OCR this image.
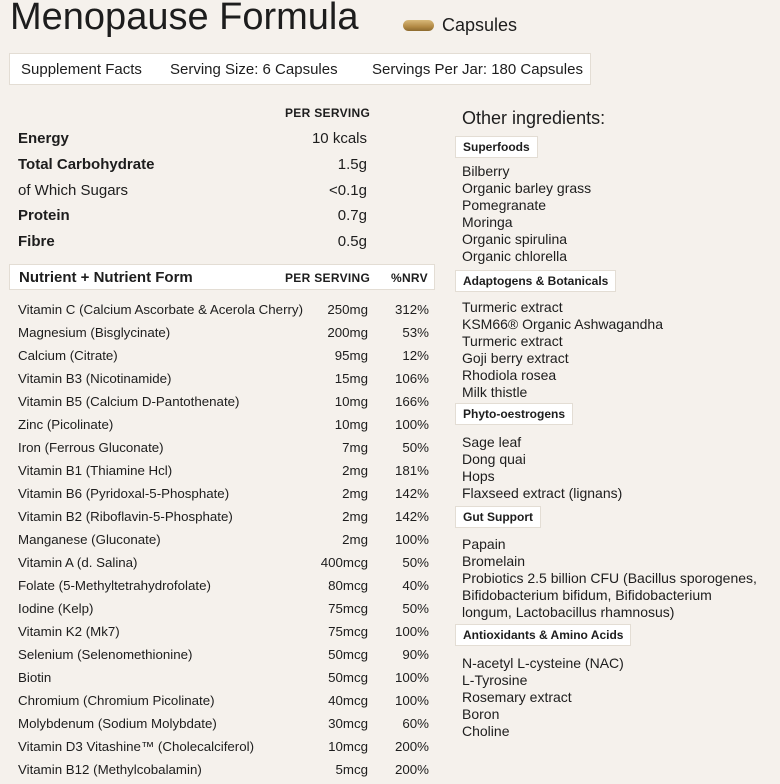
Menopause Formula	Capsules
Supplement Facts Serving Size: 6 Capsules Servings Per Jar: 180 Capsules
PER SERVING
Energy	10 kcals
Total Carbohydrate	1.5g
of Which Sugars	<0.1g
Protein	0.7g
Fibre	0.5g
Nutrient + Nutrient Form	PER SERVING %NRV
Vitamin C (Calcium Ascorbate & Acerola Cherry) 250mg 312%
Magnesium (Bisglycinate)	200mg	53%
Calcium (Citrate)	95mg	12%
Vitamin B3 (Nicotinamide)	15mg 106%
Vitamin B5 (Calcium D-Pantothenate)	10mg 166%
Zinc (Picolinate)	10mg 100%
Iron (Ferrous Gluconate)	7mg	50%
Vitamin B1 (Thiamine Hcl)	2mg 181%
Vitamin B6 (Pyridoxal-5-Phosphate)	2mg 142%
Vitamin B2 (Riboflavin-5-Phosphate)	2mg 142%
Manganese (Gluconate)	2mg 100%
Vitamin A (d. Salina)	400mcg	50%
Folate (5-Methyltetrahydrofolate)	80mcg	40%
Iodine (Kelp)	75mcg	50%
Vitamin K2 (Mk7)	75mcg 100%
Selenium (Selenomethionine)	50mcg	90%
Biotin	50mcg 100%
Chromium (Chromium Picolinate)	40mcg 100%
Molybdenum (Sodium Molybdate)	30mcg	60%
Vitamin D3 Vitashine™ (Cholecalciferol)	10mcg 200%
Vitamin B12 (Methylcobalamin)	5mcg 200%
Other ingredients:
Superfoods
Bilberry
Organic barley grass
Pomegranate
Moringa
Organic spirulina
Organic chlorella
Adaptogens & Botanicals
Turmeric extract
KSM66® Organic Ashwagandha
Turmeric extract
Goji berry extract
Rhodiola rosea
Milk thistle
Phyto-oestrogens
Sage leaf
Dong quai
Hops
Flaxseed extract (lignans)
Gut Support
Papain
Bromelain
Probiotics 2.5 billion CFU (Bacillus sporogenes,
Bifidobacterium bifidum, Bifidobacterium
longum, Lactobacillus rhamnosus)
Antioxidants & Amino Acids
N-acetyl L-cysteine (NAC)
L-Tyrosine
Rosemary extract
Boron
Choline
